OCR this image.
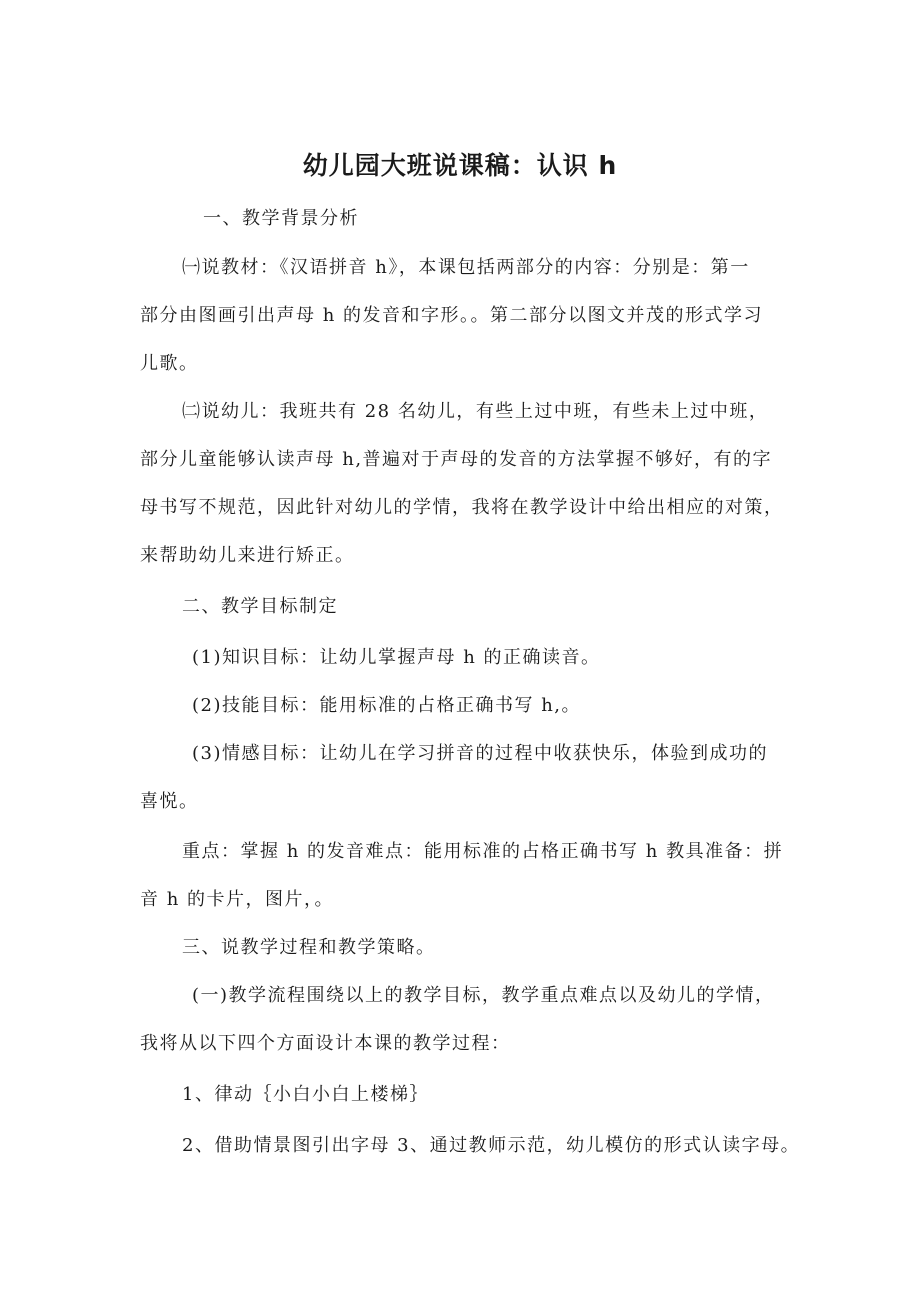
幼儿园大班说课稿：认识 h
一、教学背景分析
㈠说教材：《汉语拼音 h》，本课包括两部分的内容：分别是：第一
部分由图画引出声母 h 的发音和字形。。第二部分以图文并茂的形式学习
儿歌。
㈡说幼儿：我班共有 28 名幼儿，有些上过中班，有些未上过中班，
部分儿童能够认读声母 h,普遍对于声母的发音的方法掌握不够好，有的字
母书写不规范，因此针对幼儿的学情，我将在教学设计中给出相应的对策，
来帮助幼儿来进行矫正。
二、教学目标制定
(1)知识目标：让幼儿掌握声母 h 的正确读音。
(2)技能目标：能用标准的占格正确书写 h,。
(3)情感目标：让幼儿在学习拼音的过程中收获快乐，体验到成功的
喜悦。
重点：掌握 h 的发音难点：能用标准的占格正确书写 h 教具准备：拼
音 h 的卡片，图片，。
三、说教学过程和教学策略。
(一)教学流程围绕以上的教学目标，教学重点难点以及幼儿的学情，
我将从以下四个方面设计本课的教学过程：
1、律动｛小白小白上楼梯｝
2、借助情景图引出字母 3、通过教师示范，幼儿模仿的形式认读字母。
